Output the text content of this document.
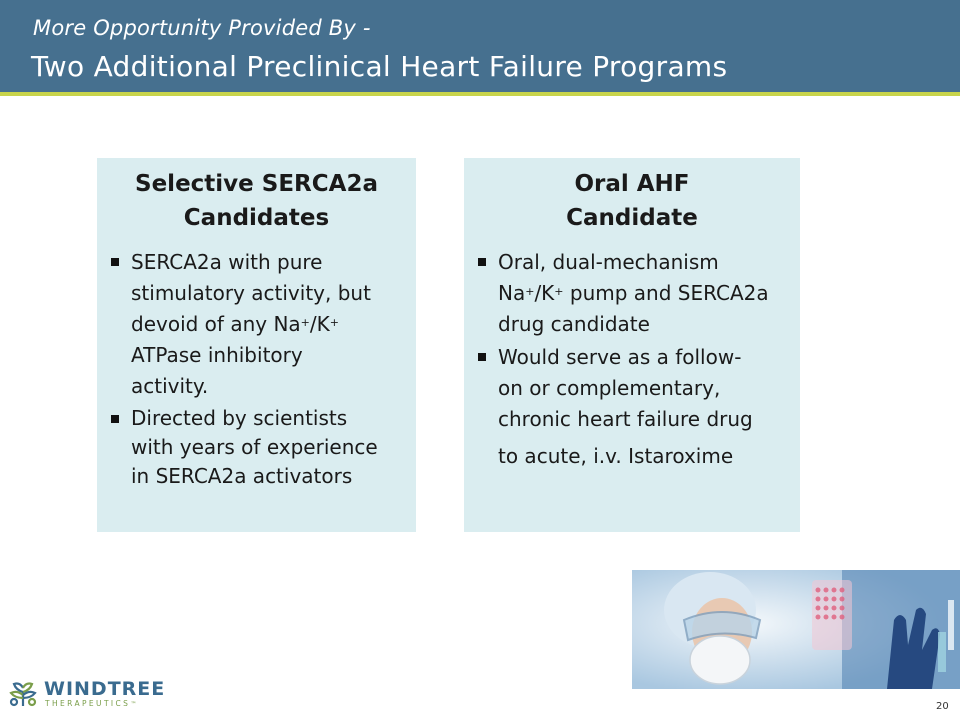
More Opportunity Provided By -
Two Additional Preclinical Heart Failure Programs
Selective SERCA2a
Candidates
SERCA2a with pure
stimulatory activity, but
devoid of any Na+/K+
ATPase inhibitory
activity.
Directed by scientists
with years of experience
in SERCA2a activators
Oral AHF
Candidate
Oral, dual-mechanism
Na+/K+ pump and SERCA2a
drug candidate
Would serve as a follow-
on or complementary,
chronic heart failure drug
to acute, i.v. Istaroxime
WINDTREE
THERAPEUTICS™	20
